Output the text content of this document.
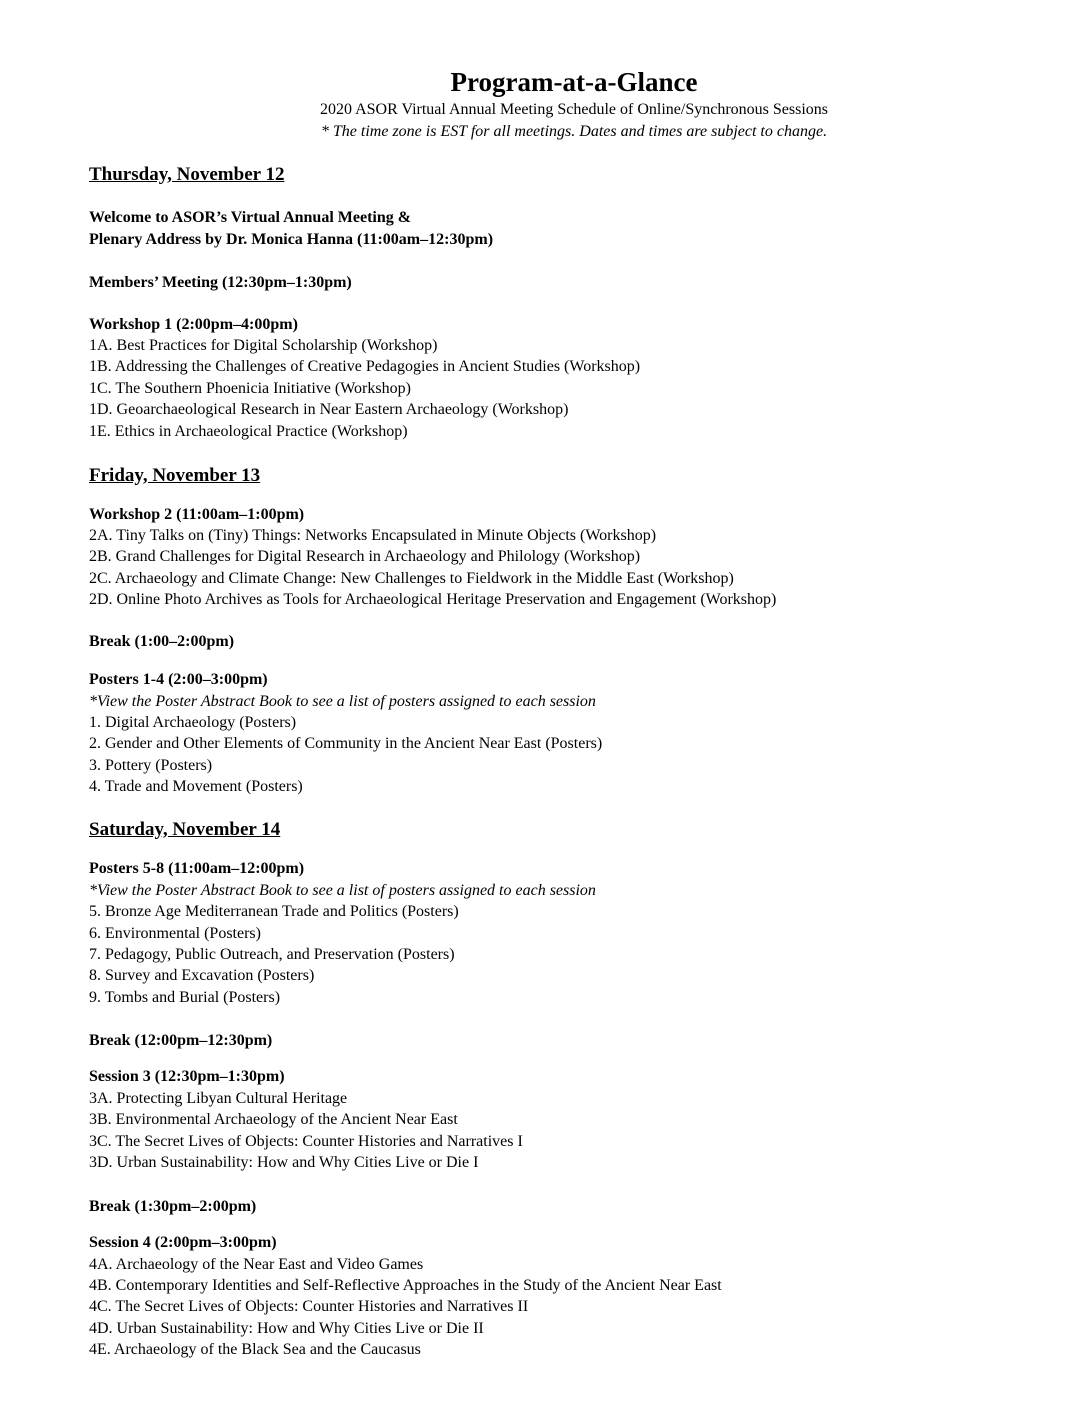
Program-at-a-Glance
2020 ASOR Virtual Annual Meeting Schedule of Online/Synchronous Sessions
* The time zone is EST for all meetings. Dates and times are subject to change.
Thursday, November 12
Welcome to ASOR’s Virtual Annual Meeting &
Plenary Address by Dr. Monica Hanna (11:00am–12:30pm)
Members’ Meeting (12:30pm–1:30pm)
Workshop 1 (2:00pm–4:00pm)
1A. Best Practices for Digital Scholarship (Workshop)
1B. Addressing the Challenges of Creative Pedagogies in Ancient Studies (Workshop)
1C. The Southern Phoenicia Initiative (Workshop)
1D. Geoarchaeological Research in Near Eastern Archaeology (Workshop)
1E. Ethics in Archaeological Practice (Workshop)
Friday, November 13
Workshop 2 (11:00am–1:00pm)
2A. Tiny Talks on (Tiny) Things: Networks Encapsulated in Minute Objects (Workshop)
2B. Grand Challenges for Digital Research in Archaeology and Philology (Workshop)
2C. Archaeology and Climate Change: New Challenges to Fieldwork in the Middle East (Workshop)
2D. Online Photo Archives as Tools for Archaeological Heritage Preservation and Engagement (Workshop)
Break (1:00–2:00pm)
Posters 1-4 (2:00–3:00pm)
*View the Poster Abstract Book to see a list of posters assigned to each session
1. Digital Archaeology (Posters)
2. Gender and Other Elements of Community in the Ancient Near East (Posters)
3. Pottery (Posters)
4. Trade and Movement (Posters)
Saturday, November 14
Posters 5-8 (11:00am–12:00pm)
*View the Poster Abstract Book to see a list of posters assigned to each session
5. Bronze Age Mediterranean Trade and Politics (Posters)
6. Environmental (Posters)
7. Pedagogy, Public Outreach, and Preservation (Posters)
8. Survey and Excavation (Posters)
9. Tombs and Burial (Posters)
Break (12:00pm–12:30pm)
Session 3 (12:30pm–1:30pm)
3A. Protecting Libyan Cultural Heritage
3B. Environmental Archaeology of the Ancient Near East
3C. The Secret Lives of Objects: Counter Histories and Narratives I
3D. Urban Sustainability: How and Why Cities Live or Die I
Break (1:30pm–2:00pm)
Session 4 (2:00pm–3:00pm)
4A. Archaeology of the Near East and Video Games
4B. Contemporary Identities and Self-Reflective Approaches in the Study of the Ancient Near East
4C. The Secret Lives of Objects: Counter Histories and Narratives II
4D. Urban Sustainability: How and Why Cities Live or Die II
4E. Archaeology of the Black Sea and the Caucasus
